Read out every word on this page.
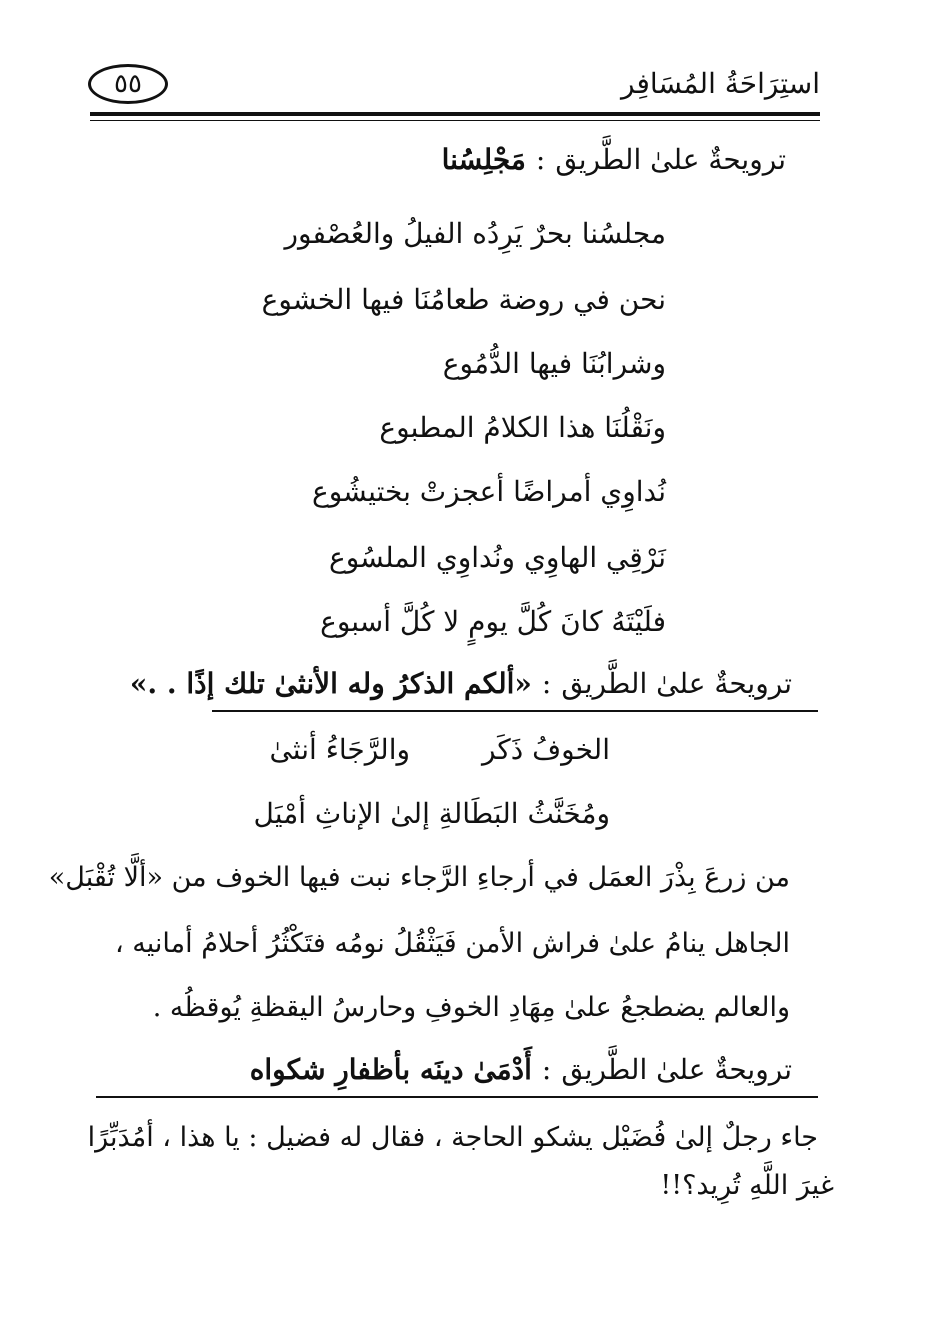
استِرَاحَةُ المُسَافِر
٥٥
ترويحةٌ علىٰ الطَّريق:مَجْلِسُنا
مجلسُنا بحرٌ يَرِدُه الفيلُ والعُصْفور
نحن في روضة طعامُنَا فيها الخشوع
وشرابُنَا فيها الدُّمُوع
ونَقْلُنَا هذا الكلامُ المطبوع
نُداوِي أمراضًا أعجزتْ بختيشُوع
نَرْقِي الهاوِي ونُداوِي الملسُوع
فلَيْتَهُ كانَ كُلَّ يومٍ لا كُلَّ أسبوع
ترويحةٌ علىٰ الطَّريق:«ألكم الذكرُ وله الأنثىٰ تلك إذًا . .»
الخوفُ ذَكَر
والرَّجَاءُ أنثىٰ
ومُخَنَّثُ البَطَالةِ إلىٰ الإناثِ أمْيَل
من زرعَ بِذْرَ العمَل في أرجاءِ الرَّجاء نبت فيها الخوف من «ألَّا تُقْبَل»
الجاهل ينامُ علىٰ فراش الأمن فَيَثْقُلُ نومُه فتَكْثُرُ أحلامُ أمانيه ،
والعالم يضطجعُ علىٰ مِهَادِ الخوفِ وحارسُ اليقظةِ يُوقظُه .
ترويحةٌ علىٰ الطَّريق:أَدْمَىٰ دينَه بأظفارِ شكواه
جاء رجلٌ إلىٰ فُضَيْل يشكو الحاجة ، فقال له فضيل : يا هذا ، أمُدَبِّرًا
غيرَ اللَّهِ تُرِيد؟!!
